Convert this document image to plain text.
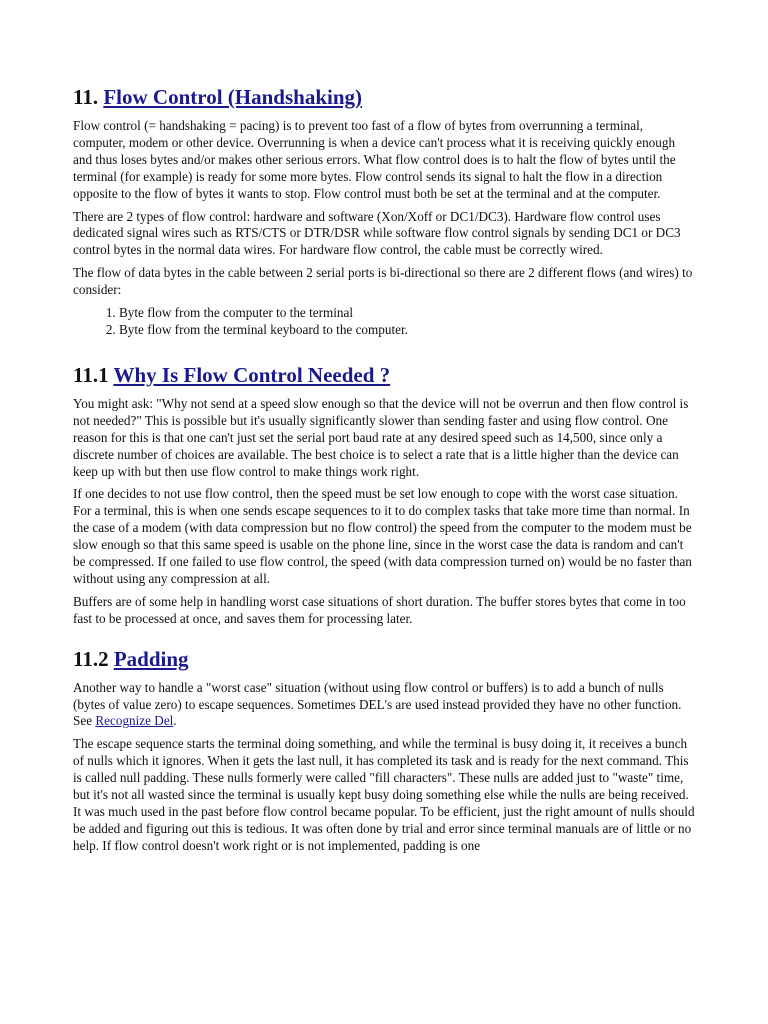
11. Flow Control (Handshaking)

Flow control (= handshaking = pacing) is to prevent too fast of a flow of bytes from overrunning a terminal, computer, modem or other device. Overrunning is when a device can't process what it is receiving quickly enough and thus loses bytes and/or makes other serious errors. What flow control does is to halt the flow of bytes until the terminal (for example) is ready for some more bytes. Flow control sends its signal to halt the flow in a direction opposite to the flow of bytes it wants to stop. Flow control must both be set at the terminal and at the computer.

There are 2 types of flow control: hardware and software (Xon/Xoff or DC1/DC3). Hardware flow control uses dedicated signal wires such as RTS/CTS or DTR/DSR while software flow control signals by sending DC1 or DC3 control bytes in the normal data wires. For hardware flow control, the cable must be correctly wired.

The flow of data bytes in the cable between 2 serial ports is bi-directional so there are 2 different flows (and wires) to consider:

1. Byte flow from the computer to the terminal
2. Byte flow from the terminal keyboard to the computer.
11.1 Why Is Flow Control Needed ?

You might ask: "Why not send at a speed slow enough so that the device will not be overrun and then flow control is not needed?" This is possible but it's usually significantly slower than sending faster and using flow control. One reason for this is that one can't just set the serial port baud rate at any desired speed such as 14,500, since only a discrete number of choices are available. The best choice is to select a rate that is a little higher than the device can keep up with but then use flow control to make things work right.

If one decides to not use flow control, then the speed must be set low enough to cope with the worst case situation. For a terminal, this is when one sends escape sequences to it to do complex tasks that take more time than normal. In the case of a modem (with data compression but no flow control) the speed from the computer to the modem must be slow enough so that this same speed is usable on the phone line, since in the worst case the data is random and can't be compressed. If one failed to use flow control, the speed (with data compression turned on) would be no faster than without using any compression at all.

Buffers are of some help in handling worst case situations of short duration. The buffer stores bytes that come in too fast to be processed at once, and saves them for processing later.

11.2 Padding

Another way to handle a "worst case" situation (without using flow control or buffers) is to add a bunch of nulls (bytes of value zero) to escape sequences. Sometimes DEL's are used instead provided they have no other function. See Recognize Del.

The escape sequence starts the terminal doing something, and while the terminal is busy doing it, it receives a bunch of nulls which it ignores. When it gets the last null, it has completed its task and is ready for the next command. This is called null padding. These nulls formerly were called "fill characters". These nulls are added just to "waste" time, but it's not all wasted since the terminal is usually kept busy doing something else while the nulls are being received. It was much used in the past before flow control became popular. To be efficient, just the right amount of nulls should be added and figuring out this is tedious. It was often done by trial and error since terminal manuals are of little or no help. If flow control doesn't work right or is not implemented, padding is one
